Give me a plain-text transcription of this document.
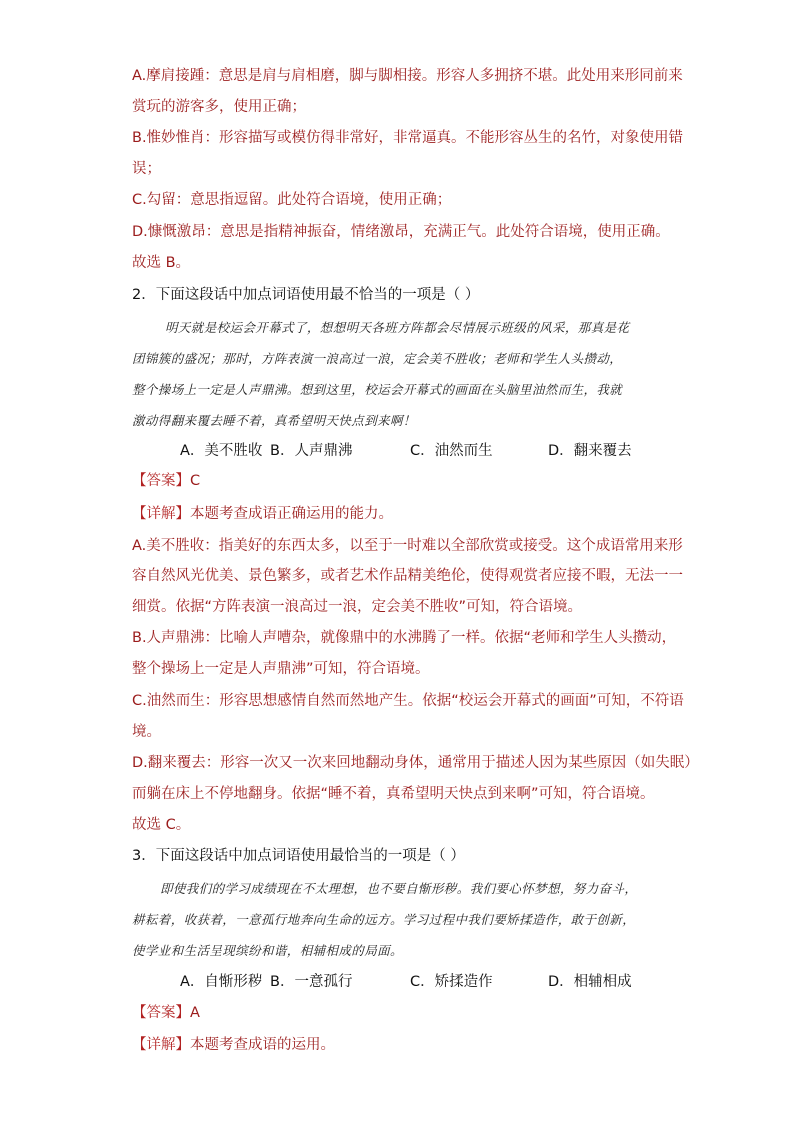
A.摩肩接踵：意思是肩与肩相磨，脚与脚相接。形容人多拥挤不堪。此处用来形同前来
赏玩的游客多，使用正确；
B.惟妙惟肖：形容描写或模仿得非常好，非常逼真。不能形容丛生的名竹，对象使用错
误；
C.勾留：意思指逗留。此处符合语境，使用正确；
D.慷慨激昂：意思是指精神振奋，情绪激昂，充满正气。此处符合语境，使用正确。
故选 B。
2．下面这段话中加点词语使用最不恰当的一项是（ ）
明天就是校运会开幕式了，想想明天各班方阵都会尽情展示班级的风采，那真是花
团锦簇的盛况；那时，方阵表演一浪高过一浪，定会美不胜收；老师和学生人头攒动，
整个操场上一定是人声鼎沸。想到这里，校运会开幕式的画面在头脑里油然而生，我就
激动得翻来覆去睡不着，真希望明天快点到来啊！
A．美不胜收 B．人声鼎沸	C．油然而生	D．翻来覆去
【答案】C
【详解】本题考查成语正确运用的能力。
A.美不胜收：指美好的东西太多，以至于一时难以全部欣赏或接受。这个成语常用来形
容自然风光优美、景色繁多，或者艺术作品精美绝伦，使得观赏者应接不暇，无法一一
细赏。依据“方阵表演一浪高过一浪，定会美不胜收”可知，符合语境。
B.人声鼎沸：比喻人声嘈杂，就像鼎中的水沸腾了一样。依据“老师和学生人头攒动，
整个操场上一定是人声鼎沸”可知，符合语境。
C.油然而生：形容思想感情自然而然地产生。依据“校运会开幕式的画面”可知，不符语
境。
D.翻来覆去：形容一次又一次来回地翻动身体，通常用于描述人因为某些原因（如失眠）
而躺在床上不停地翻身。依据“睡不着，真希望明天快点到来啊”可知，符合语境。
故选 C。
3．下面这段话中加点词语使用最恰当的一项是（ ）
即使我们的学习成绩现在不太理想，也不要自惭形秽。我们要心怀梦想，努力奋斗，
耕耘着，收获着，一意孤行地奔向生命的远方。学习过程中我们要矫揉造作，敢于创新，
使学业和生活呈现缤纷和谐，相辅相成的局面。
A．自惭形秽 B．一意孤行	C．矫揉造作	D．相辅相成
【答案】A
【详解】本题考查成语的运用。
